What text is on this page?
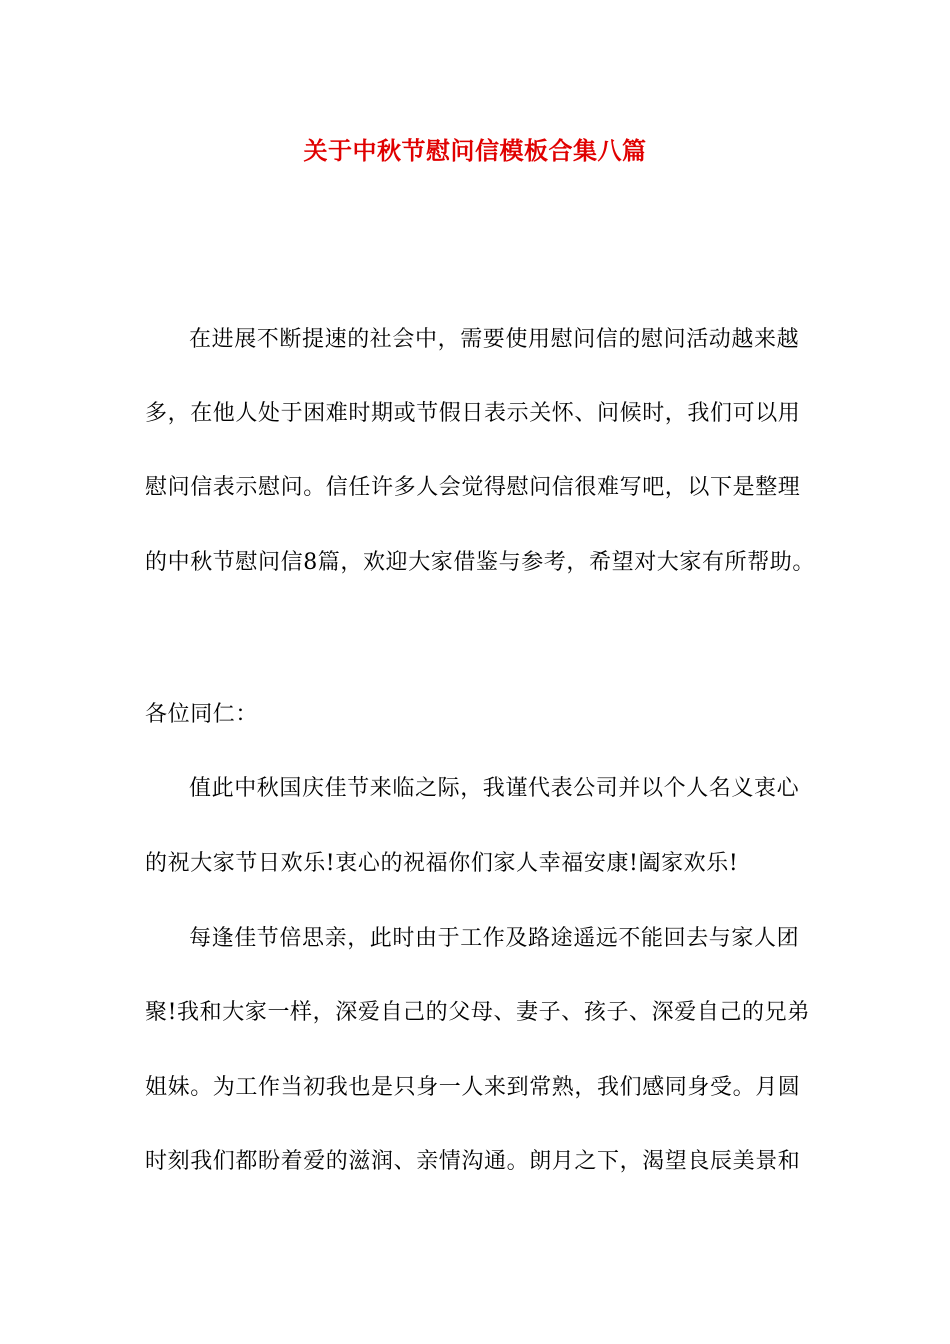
关于中秋节慰问信模板合集八篇
在进展不断提速的社会中，需要使用慰问信的慰问活动越来越
多，在他人处于困难时期或节假日表示关怀、问候时，我们可以用
慰问信表示慰问。信任许多人会觉得慰问信很难写吧，以下是整理
的中秋节慰问信8篇，欢迎大家借鉴与参考，希望对大家有所帮助。
各位同仁：
值此中秋国庆佳节来临之际，我谨代表公司并以个人名义衷心
的祝大家节日欢乐!衷心的祝福你们家人幸福安康!阖家欢乐!
每逢佳节倍思亲，此时由于工作及路途遥远不能回去与家人团
聚!我和大家一样，深爱自己的父母、妻子、孩子、深爱自己的兄弟
姐妹。为工作当初我也是只身一人来到常熟，我们感同身受。月圆
时刻我们都盼着爱的滋润、亲情沟通。朗月之下，渴望良辰美景和
